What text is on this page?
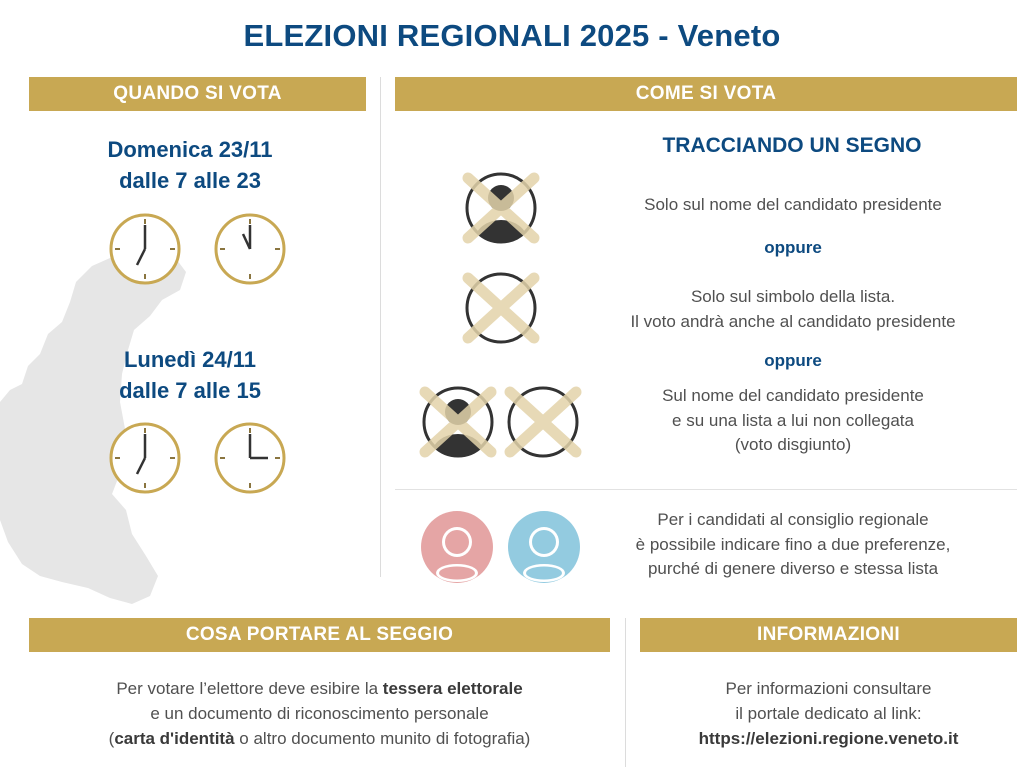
ELEZIONI REGIONALI 2025 - Veneto
QUANDO SI VOTA	COME SI VOTA
COSA PORTARE AL SEGGIO	INFORMAZIONI
Domenica 23/11
dalle 7 alle 23
Lunedì 24/11
dalle 7 alle 15
TRACCIANDO UN SEGNO
Solo sul nome del candidato presidente
oppure
Solo sul simbolo della lista.
Il voto andrà anche al candidato presidente
oppure
Sul nome del candidato presidente
e su una lista a lui non collegata
(voto disgiunto)
Per i candidati al consiglio regionale
è possibile indicare fino a due preferenze,
purché di genere diverso e stessa lista
Per votare l’elettore deve esibire la tessera elettorale
e un documento di riconoscimento personale
(carta d'identità o altro documento munito di fotografia)
Per informazioni consultare
il portale dedicato al link:
https://elezioni.regione.veneto.it
